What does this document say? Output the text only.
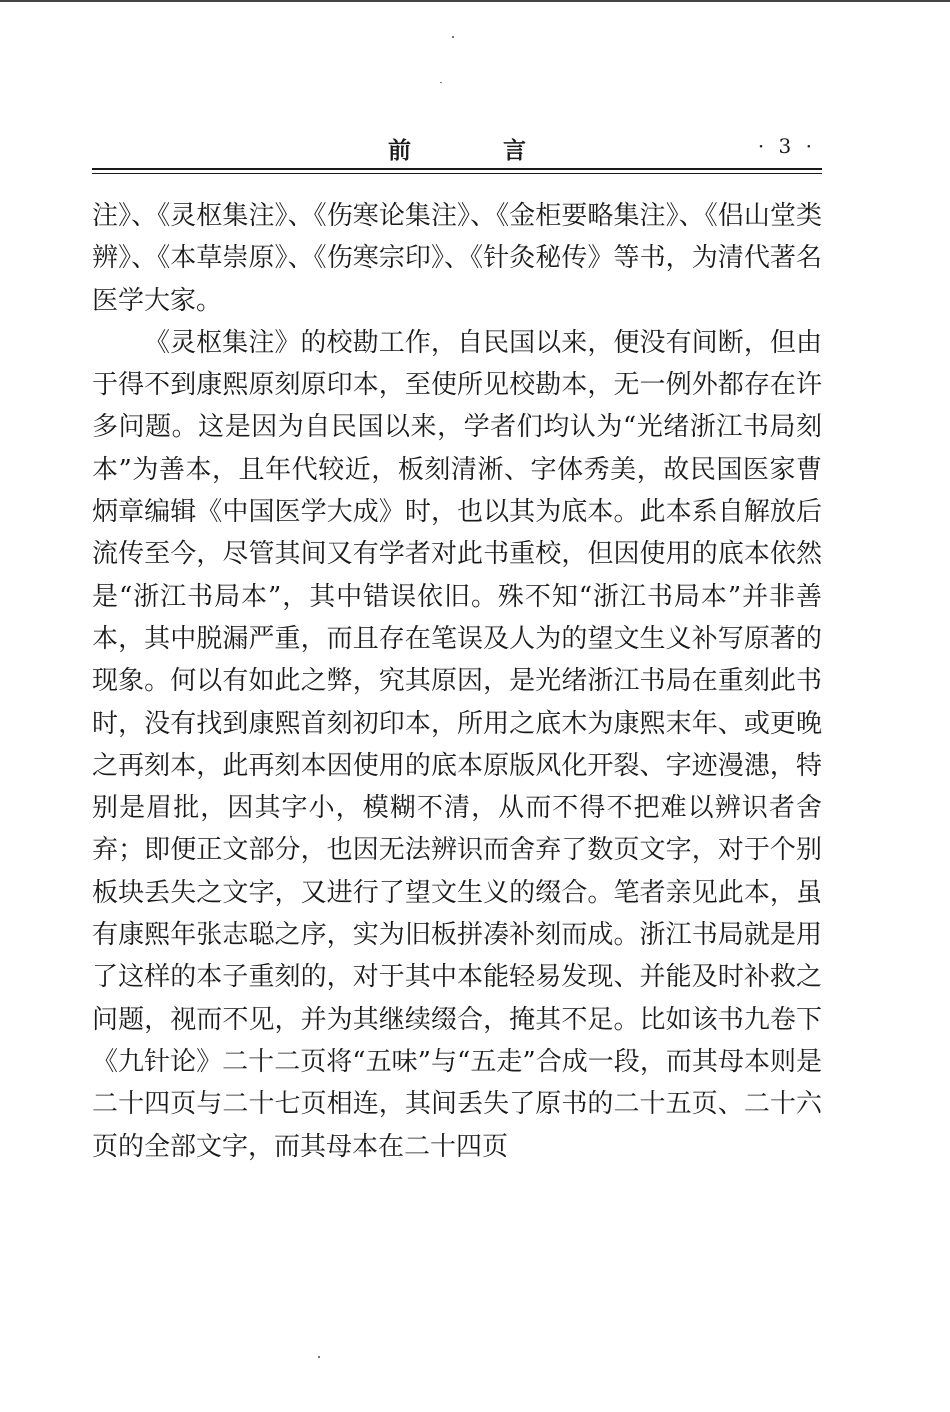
前 言	· 3 ·

注》、《灵枢集注》、《伤寒论集注》、《金柜要略集注》、《侣山堂类辨》、《本草崇原》、《伤寒宗印》、《针灸秘传》等书，为清代著名医学大家。

《灵枢集注》的校勘工作，自民国以来，便没有间断，但由于得不到康熙原刻原印本，至使所见校勘本，无一例外都存在许多问题。这是因为自民国以来，学者们均认为“光绪浙江书局刻本”为善本，且年代较近，板刻清淅、字体秀美，故民国医家曹炳章编辑《中国医学大成》时，也以其为底本。此本系自解放后流传至今，尽管其间又有学者对此书重校，但因使用的底本依然是“浙江书局本”，其中错误依旧。殊不知“浙江书局本”并非善本，其中脱漏严重，而且存在笔误及人为的望文生义补写原著的现象。何以有如此之弊，究其原因，是光绪浙江书局在重刻此书时，没有找到康熙首刻初印本，所用之底木为康熙末年、或更晚之再刻本，此再刻本因使用的底本原版风化开裂、字迹漫漶，特别是眉批，因其字小，模糊不清，从而不得不把难以辨识者舍弃；即便正文部分，也因无法辨识而舍弃了数页文字，对于个别板块丢失之文字，又进行了望文生义的缀合。笔者亲见此本，虽有康熙年张志聪之序，实为旧板拼凑补刻而成。浙江书局就是用了这样的本子重刻的，对于其中本能轻易发现、并能及时补救之问题，视而不见，并为其继续缀合，掩其不足。比如该书九卷下《九针论》二十二页将“五味”与“五走”合成一段，而其母本则是二十四页与二十七页相连，其间丢失了原书的二十五页、二十六页的全部文字，而其母本在二十四页
